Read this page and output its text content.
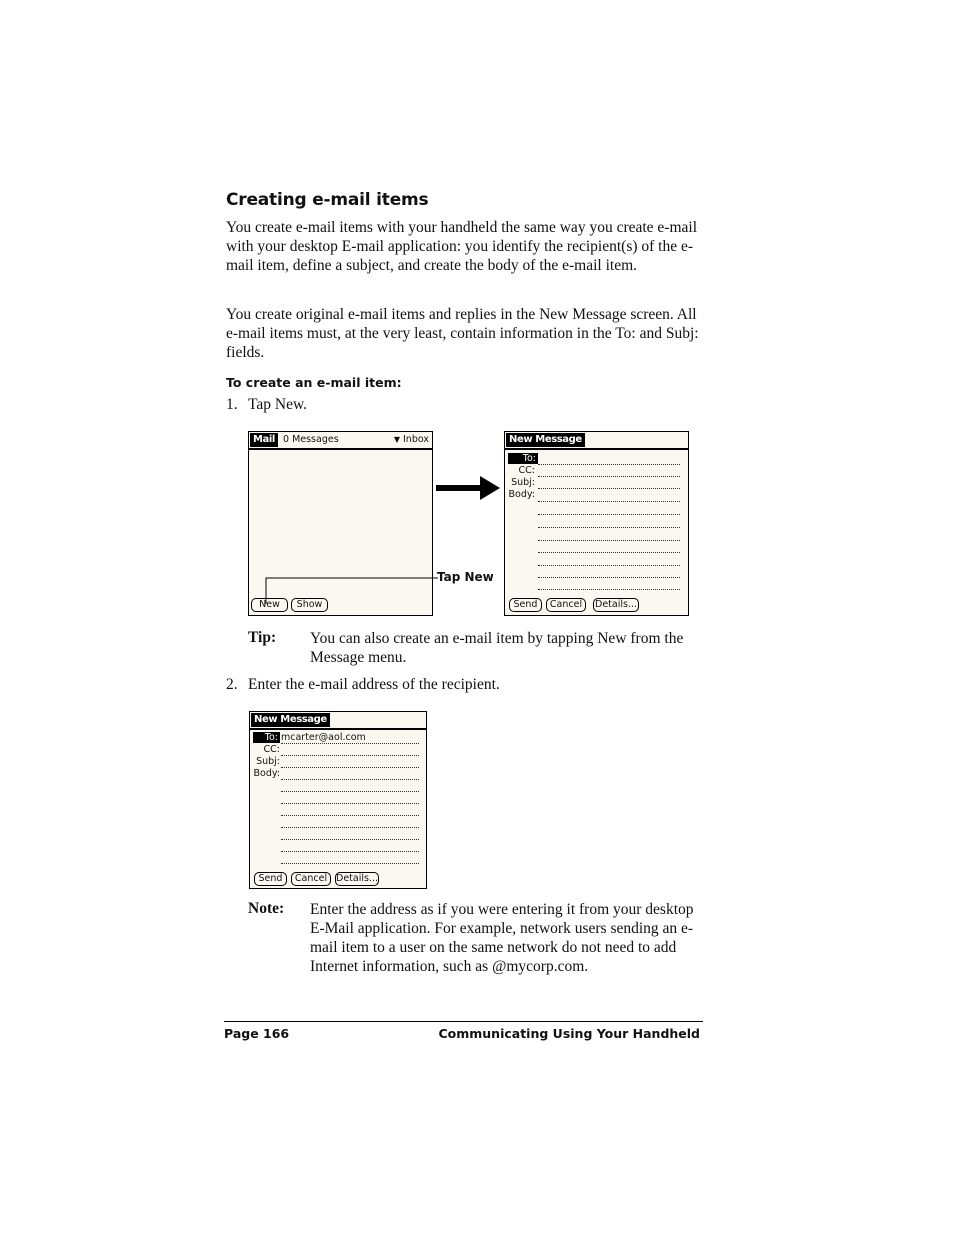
Creating e-mail items
You create e-mail items with your handheld the same way you create e-mail with your desktop E-mail application: you identify the recipient(s) of the e-mail item, define a subject, and create the body of the e-mail item.
You create original e-mail items and replies in the New Message screen. All e-mail items must, at the very least, contain information in the To: and Subj: fields.
To create an e-mail item:
1. Tap New.
Mail 0 Messages	▼ Inbox
New	Show
Tap New
New Message
To:
CC:
Subj:
Body:
Send	Cancel	Details...
Tip: You can also create an e-mail item by tapping New from the Message menu.
2. Enter the e-mail address of the recipient.
New Message
To:
CC:
Subj:
Body:
mcarter@aol.com
Send	Cancel Details...
Note: Enter the address as if you were entering it from your desktop E-Mail application. For example, network users sending an e-mail item to a user on the same network do not need to add Internet information, such as @mycorp.com.
Page 166	Communicating Using Your Handheld
